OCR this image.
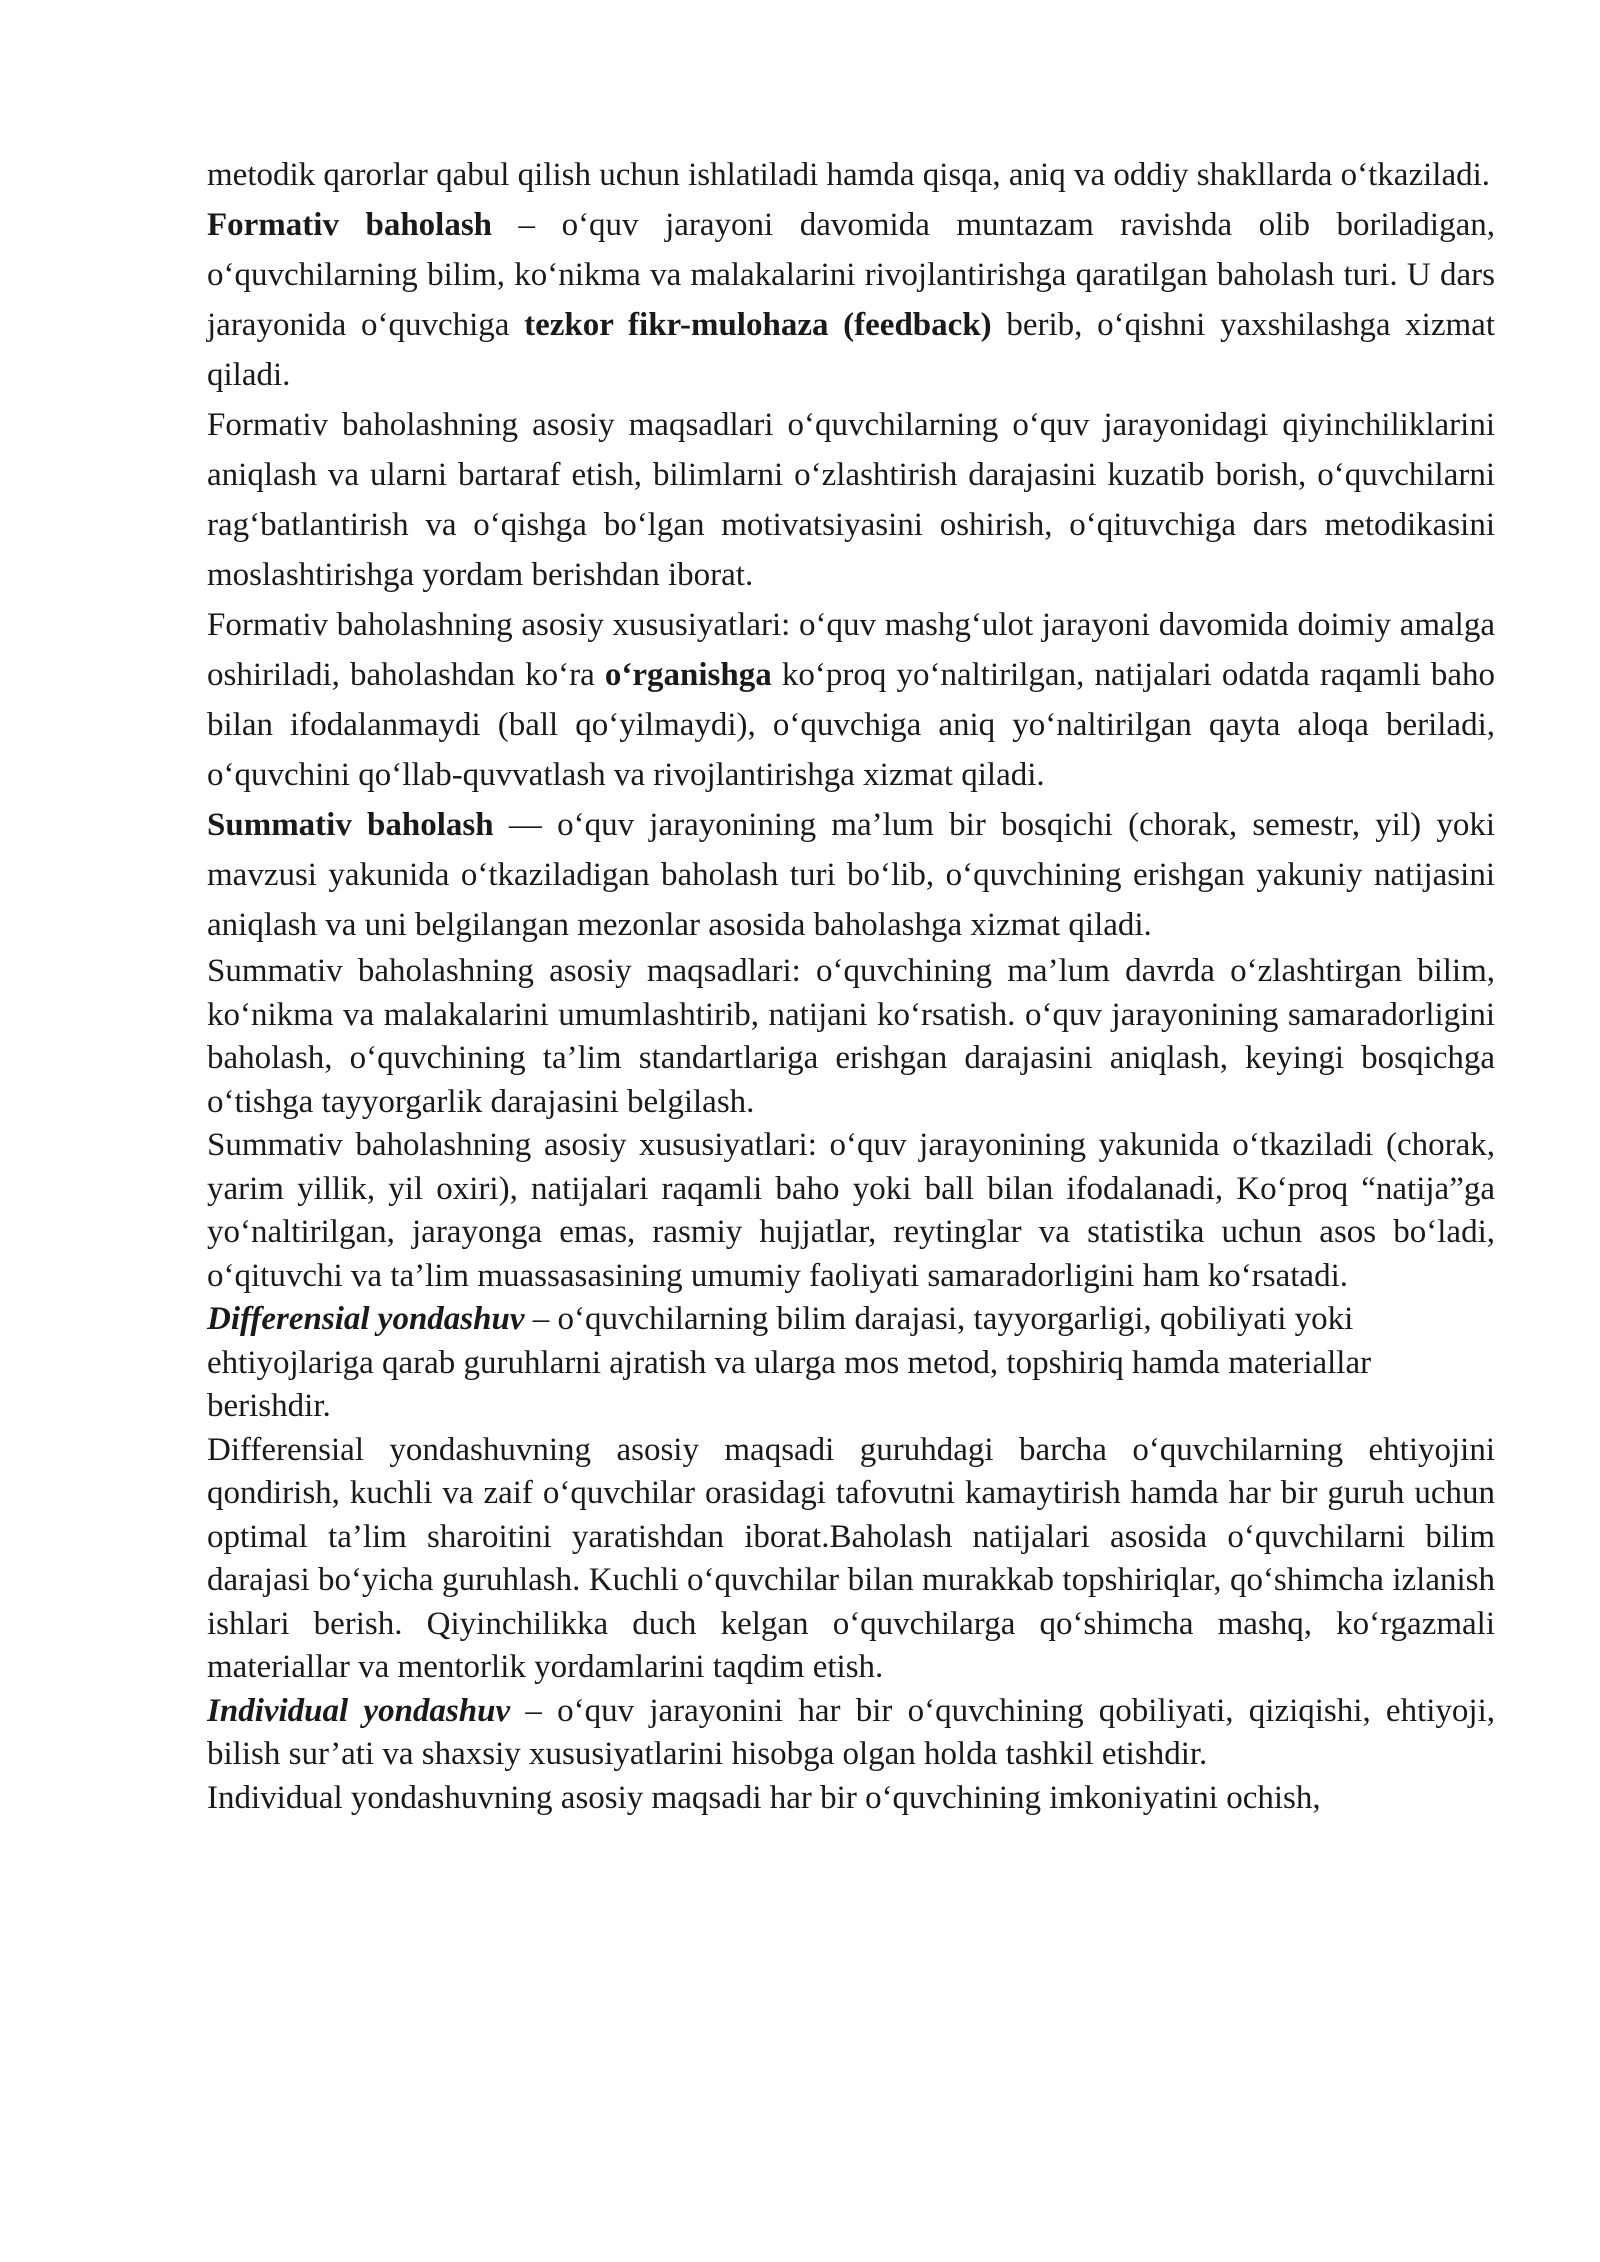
metodik qarorlar qabul qilish uchun ishlatiladi hamda qisqa, aniq va oddiy shakllarda o‘tkaziladi.

Formativ baholash – o‘quv jarayoni davomida muntazam ravishda olib boriladigan, o‘quvchilarning bilim, ko‘nikma va malakalarini rivojlantirishga qaratilgan baholash turi. U dars jarayonida o‘quvchiga tezkor fikr-mulohaza (feedback) berib, o‘qishni yaxshilashga xizmat qiladi.

Formativ baholashning asosiy maqsadlari o‘quvchilarning o‘quv jarayonidagi qiyinchiliklarini aniqlash va ularni bartaraf etish, bilimlarni o‘zlashtirish darajasini kuzatib borish, o‘quvchilarni rag‘batlantirish va o‘qishga bo‘lgan motivatsiyasini oshirish, o‘qituvchiga dars metodikasini moslashtirishga yordam berishdan iborat.

Formativ baholashning asosiy xususiyatlari: o‘quv mashg‘ulot jarayoni davomida doimiy amalga oshiriladi, baholashdan ko‘ra o‘rganishga ko‘proq yo‘naltirilgan, natijalari odatda raqamli baho bilan ifodalanmaydi (ball qo‘yilmaydi), o‘quvchiga aniq yo‘naltirilgan qayta aloqa beriladi, o‘quvchini qo‘llab-quvvatlash va rivojlantirishga xizmat qiladi.

Summativ baholash — o‘quv jarayonining ma’lum bir bosqichi (chorak, semestr, yil) yoki mavzusi yakunida o‘tkaziladigan baholash turi bo‘lib, o‘quvchining erishgan yakuniy natijasini aniqlash va uni belgilangan mezonlar asosida baholashga xizmat qiladi.

Summativ baholashning asosiy maqsadlari: o‘quvchining ma’lum davrda o‘zlashtirgan bilim, ko‘nikma va malakalarini umumlashtirib, natijani ko‘rsatish. o‘quv jarayonining samaradorligini baholash, o‘quvchining ta’lim standartlariga erishgan darajasini aniqlash, keyingi bosqichga o‘tishga tayyorgarlik darajasini belgilash.

Summativ baholashning asosiy xususiyatlari: o‘quv jarayonining yakunida o‘tkaziladi (chorak, yarim yillik, yil oxiri), natijalari raqamli baho yoki ball bilan ifodalanadi, Ko‘proq “natija”ga yo‘naltirilgan, jarayonga emas, rasmiy hujjatlar, reytinglar va statistika uchun asos bo‘ladi, o‘qituvchi va ta’lim muassasasining umumiy faoliyati samaradorligini ham ko‘rsatadi.

Differensial yondashuv – o‘quvchilarning bilim darajasi, tayyorgarligi, qobiliyati yoki ehtiyojlariga qarab guruhlarni ajratish va ularga mos metod, topshiriq hamda materiallar berishdir.

Differensial yondashuvning asosiy maqsadi guruhdagi barcha o‘quvchilarning ehtiyojini qondirish, kuchli va zaif o‘quvchilar orasidagi tafovutni kamaytirish hamda har bir guruh uchun optimal ta’lim sharoitini yaratishdan iborat.Baholash natijalari asosida o‘quvchilarni bilim darajasi bo‘yicha guruhlash. Kuchli o‘quvchilar bilan murakkab topshiriqlar, qo‘shimcha izlanish ishlari berish. Qiyinchilikka duch kelgan o‘quvchilarga qo‘shimcha mashq, ko‘rgazmali materiallar va mentorlik yordamlarini taqdim etish.

Individual yondashuv – o‘quv jarayonini har bir o‘quvchining qobiliyati, qiziqishi, ehtiyoji, bilish sur’ati va shaxsiy xususiyatlarini hisobga olgan holda tashkil etishdir.

Individual yondashuvning asosiy maqsadi har bir o‘quvchining imkoniyatini ochish,
